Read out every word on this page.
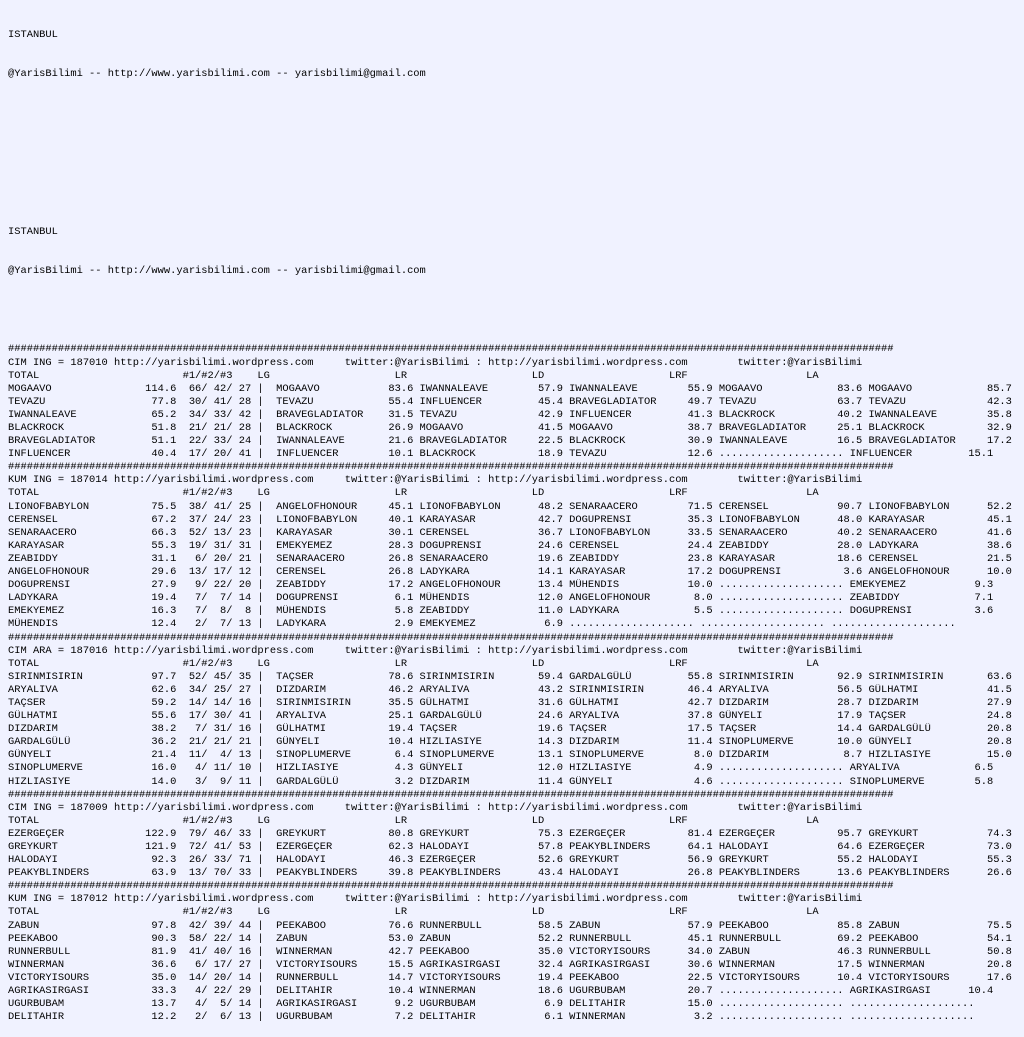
ISTANBUL

@YarisBilimi -- http://www.yarisbilimi.com -- yarisbilimi@gmail.com

ISTANBUL

@YarisBilimi -- http://www.yarisbilimi.com -- yarisbilimi@gmail.com

##############################################################################################################################################
CIM ING = 187010 http://yarisbilimi.wordpress.com     twitter:@YarisBilimi : http://yarisbilimi.wordpress.com        twitter:@YarisBilimi
TOTAL                       #1/#2/#3    LG                    LR                    LD                    LRF                   LA
MOGAAVO               114.6  66/ 42/ 27 |  MOGAAVO           83.6 IWANNALEAVE        57.9 IWANNALEAVE        55.9 MOGAAVO            83.6 MOGAAVO            85.7
TEVAZU                 77.8  30/ 41/ 28 |  TEVAZU            55.4 INFLUENCER         45.4 BRAVEGLADIATOR     49.7 TEVAZU             63.7 TEVAZU             42.3
IWANNALEAVE            65.2  34/ 33/ 42 |  BRAVEGLADIATOR    31.5 TEVAZU             42.9 INFLUENCER         41.3 BLACKROCK          40.2 IWANNALEAVE        35.8
BLACKROCK              51.8  21/ 21/ 28 |  BLACKROCK         26.9 MOGAAVO            41.5 MOGAAVO            38.7 BRAVEGLADIATOR     25.1 BLACKROCK          32.9
BRAVEGLADIATOR         51.1  22/ 33/ 24 |  IWANNALEAVE       21.6 BRAVEGLADIATOR     22.5 BLACKROCK          30.9 IWANNALEAVE        16.5 BRAVEGLADIATOR     17.2
INFLUENCER             40.4  17/ 20/ 41 |  INFLUENCER        10.1 BLACKROCK          18.9 TEVAZU             12.6 .................... INFLUENCER         15.1
##############################################################################################################################################
KUM ING = 187014 http://yarisbilimi.wordpress.com     twitter:@YarisBilimi : http://yarisbilimi.wordpress.com        twitter:@YarisBilimi
TOTAL                       #1/#2/#3    LG                    LR                    LD                    LRF                   LA
LIONOFBABYLON          75.5  38/ 41/ 25 |  ANGELOFHONOUR     45.1 LIONOFBABYLON      48.2 SENARAACERO        71.5 CERENSEL           90.7 LIONOFBABYLON      52.2
CERENSEL               67.2  37/ 24/ 23 |  LIONOFBABYLON     40.1 KARAYASAR          42.7 DOGUPRENSI         35.3 LIONOFBABYLON      48.0 KARAYASAR          45.1
SENARAACERO            66.3  52/ 13/ 23 |  KARAYASAR         30.1 CERENSEL           36.7 LIONOFBABYLON      33.5 SENARAACERO        40.2 SENARAACERO        41.6
KARAYASAR              55.3  19/ 31/ 31 |  EMEKYEMEZ         28.3 DOGUPRENSI         24.6 CERENSEL           24.4 ZEABIDDY           28.0 LADYKARA           38.6
ZEABIDDY               31.1   6/ 20/ 21 |  SENARAACERO       26.8 SENARAACERO        19.6 ZEABIDDY           23.8 KARAYASAR          18.6 CERENSEL           21.5
ANGELOFHONOUR          29.6  13/ 17/ 12 |  CERENSEL          26.8 LADYKARA           14.1 KARAYASAR          17.2 DOGUPRENSI          3.6 ANGELOFHONOUR      10.0
DOGUPRENSI             27.9   9/ 22/ 20 |  ZEABIDDY          17.2 ANGELOFHONOUR      13.4 MÜHENDIS           10.0 .................... EMEKYEMEZ           9.3
LADYKARA               19.4   7/  7/ 14 |  DOGUPRENSI         6.1 MÜHENDIS           12.0 ANGELOFHONOUR       8.0 .................... ZEABIDDY            7.1
EMEKYEMEZ              16.3   7/  8/  8 |  MÜHENDIS           5.8 ZEABIDDY           11.0 LADYKARA            5.5 .................... DOGUPRENSI          3.6
MÜHENDIS               12.4   2/  7/ 13 |  LADYKARA           2.9 EMEKYEMEZ           6.9 .................... .................... ....................
##############################################################################################################################################
CIM ARA = 187016 http://yarisbilimi.wordpress.com     twitter:@YarisBilimi : http://yarisbilimi.wordpress.com        twitter:@YarisBilimi
TOTAL                       #1/#2/#3    LG                    LR                    LD                    LRF                   LA
SIRINMISIRIN           97.7  52/ 45/ 35 |  TAÇSER            78.6 SIRINMISIRIN       59.4 GARDALGÜLÜ         55.8 SIRINMISIRIN       92.9 SIRINMISIRIN       63.6
ARYALIVA               62.6  34/ 25/ 27 |  DIZDARIM          46.2 ARYALIVA           43.2 SIRINMISIRIN       46.4 ARYALIVA           56.5 GÜLHATMI           41.5
TAÇSER                 59.2  14/ 14/ 16 |  SIRINMISIRIN      35.5 GÜLHATMI           31.6 GÜLHATMI           42.7 DIZDARIM           28.7 DIZDARIM           27.9
GÜLHATMI               55.6  17/ 30/ 41 |  ARYALIVA          25.1 GARDALGÜLÜ         24.6 ARYALIVA           37.8 GÜNYELI            17.9 TAÇSER             24.8
DIZDARIM               38.2   7/ 31/ 16 |  GÜLHATMI          19.4 TAÇSER             19.6 TAÇSER             17.5 TAÇSER             14.4 GARDALGÜLÜ         20.8
GARDALGÜLÜ             36.2  21/ 21/ 21 |  GÜNYELI           10.4 HIZLIASIYE         14.3 DIZDARIM           11.4 SINOPLUMERVE       10.0 GÜNYELI            20.8
GÜNYELI                21.4  11/  4/ 13 |  SINOPLUMERVE       6.4 SINOPLUMERVE       13.1 SINOPLUMERVE        8.0 DIZDARIM            8.7 HIZLIASIYE         15.0
SINOPLUMERVE           16.0   4/ 11/ 10 |  HIZLIASIYE         4.3 GÜNYELI            12.0 HIZLIASIYE          4.9 .................... ARYALIVA            6.5
HIZLIASIYE             14.0   3/  9/ 11 |  GARDALGÜLÜ         3.2 DIZDARIM           11.4 GÜNYELI             4.6 .................... SINOPLUMERVE        5.8
##############################################################################################################################################
CIM ING = 187009 http://yarisbilimi.wordpress.com     twitter:@YarisBilimi : http://yarisbilimi.wordpress.com        twitter:@YarisBilimi
TOTAL                       #1/#2/#3    LG                    LR                    LD                    LRF                   LA
EZERGEÇER             122.9  79/ 46/ 33 |  GREYKURT          80.8 GREYKURT           75.3 EZERGEÇER          81.4 EZERGEÇER          95.7 GREYKURT           74.3
GREYKURT              121.9  72/ 41/ 53 |  EZERGEÇER         62.3 HALODAYI           57.8 PEAKYBLINDERS      64.1 HALODAYI           64.6 EZERGEÇER          73.0
HALODAYI               92.3  26/ 33/ 71 |  HALODAYI          46.3 EZERGEÇER          52.6 GREYKURT           56.9 GREYKURT           55.2 HALODAYI           55.3
PEAKYBLINDERS          63.9  13/ 70/ 33 |  PEAKYBLINDERS     39.8 PEAKYBLINDERS      43.4 HALODAYI           26.8 PEAKYBLINDERS      13.6 PEAKYBLINDERS      26.6
##############################################################################################################################################
KUM ING = 187012 http://yarisbilimi.wordpress.com     twitter:@YarisBilimi : http://yarisbilimi.wordpress.com        twitter:@YarisBilimi
TOTAL                       #1/#2/#3    LG                    LR                    LD                    LRF                   LA
ZABUN                  97.8  42/ 39/ 44 |  PEEKABOO          76.6 RUNNERBULL         58.5 ZABUN              57.9 PEEKABOO           85.8 ZABUN              75.5
PEEKABOO               90.3  58/ 22/ 14 |  ZABUN             53.0 ZABUN              52.2 RUNNERBULL         45.1 RUNNERBULL         69.2 PEEKABOO           54.1
RUNNERBULL             81.9  41/ 40/ 16 |  WINNERMAN         42.7 PEEKABOO           35.0 VICTORYISOURS      34.0 ZABUN              46.3 RUNNERBULL         50.8
WINNERMAN              36.6   6/ 17/ 27 |  VICTORYISOURS     15.5 AGRIKASIRGASI      32.4 AGRIKASIRGASI      30.6 WINNERMAN          17.5 WINNERMAN          20.8
VICTORYISOURS          35.0  14/ 20/ 14 |  RUNNERBULL        14.7 VICTORYISOURS      19.4 PEEKABOO           22.5 VICTORYISOURS      10.4 VICTORYISOURS      17.6
AGRIKASIRGASI          33.3   4/ 22/ 29 |  DELITAHIR         10.4 WINNERMAN          18.6 UGURBUBAM          20.7 .................... AGRIKASIRGASI      10.4
UGURBUBAM              13.7   4/  5/ 14 |  AGRIKASIRGASI      9.2 UGURBUBAM           6.9 DELITAHIR          15.0 .................... ....................
DELITAHIR              12.2   2/  6/ 13 |  UGURBUBAM          7.2 DELITAHIR           6.1 WINNERMAN           3.2 .................... ....................
